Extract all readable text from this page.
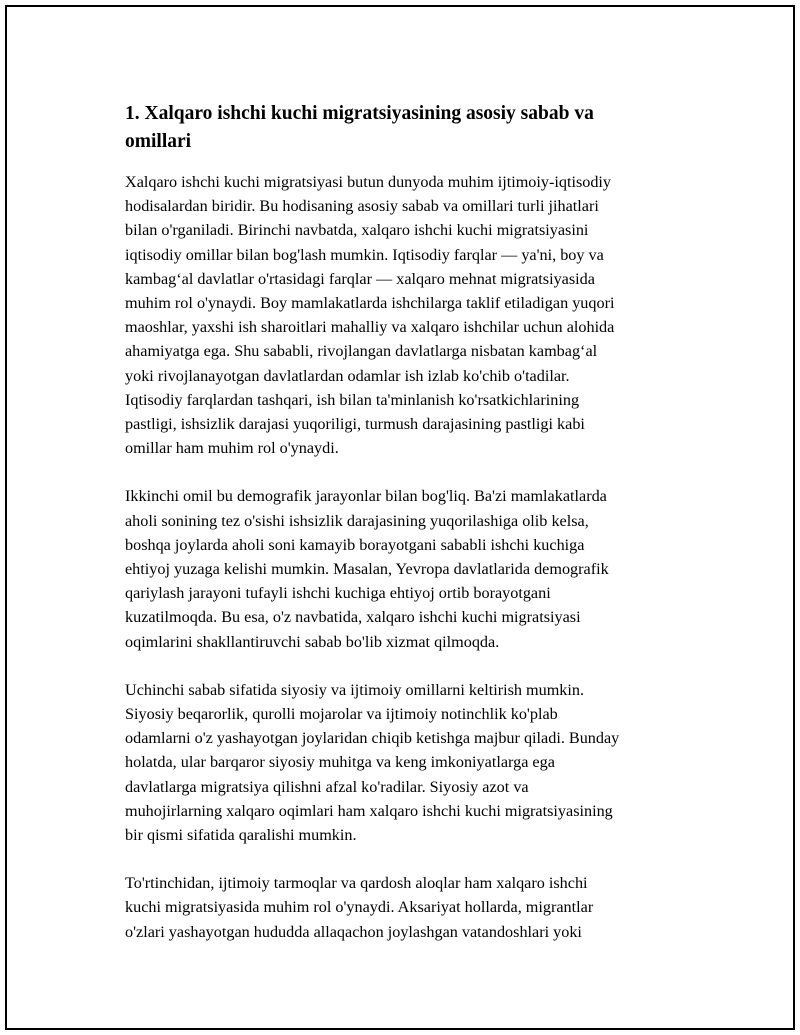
1. Xalqaro ishchi kuchi migratsiyasining asosiy sabab va
omillari

Xalqaro ishchi kuchi migratsiyasi butun dunyoda muhim ijtimoiy-iqtisodiy
hodisalardan biridir. Bu hodisaning asosiy sabab va omillari turli jihatlari
bilan o'rganiladi. Birinchi navbatda, xalqaro ishchi kuchi migratsiyasini
iqtisodiy omillar bilan bog'lash mumkin. Iqtisodiy farqlar — ya'ni, boy va
kambag‘al davlatlar o'rtasidagi farqlar — xalqaro mehnat migratsiyasida
muhim rol o'ynaydi. Boy mamlakatlarda ishchilarga taklif etiladigan yuqori
maoshlar, yaxshi ish sharoitlari mahalliy va xalqaro ishchilar uchun alohida
ahamiyatga ega. Shu sababli, rivojlangan davlatlarga nisbatan kambag‘al
yoki rivojlanayotgan davlatlardan odamlar ish izlab ko'chib o'tadilar.
Iqtisodiy farqlardan tashqari, ish bilan ta'minlanish ko'rsatkichlarining
pastligi, ishsizlik darajasi yuqoriligi, turmush darajasining pastligi kabi
omillar ham muhim rol o'ynaydi.

Ikkinchi omil bu demografik jarayonlar bilan bog'liq. Ba'zi mamlakatlarda
aholi sonining tez o'sishi ishsizlik darajasining yuqorilashiga olib kelsa,
boshqa joylarda aholi soni kamayib borayotgani sababli ishchi kuchiga
ehtiyoj yuzaga kelishi mumkin. Masalan, Yevropa davlatlarida demografik
qariylash jarayoni tufayli ishchi kuchiga ehtiyoj ortib borayotgani
kuzatilmoqda. Bu esa, o'z navbatida, xalqaro ishchi kuchi migratsiyasi
oqimlarini shakllantiruvchi sabab bo'lib xizmat qilmoqda.

Uchinchi sabab sifatida siyosiy va ijtimoiy omillarni keltirish mumkin.
Siyosiy beqarorlik, qurolli mojarolar va ijtimoiy notinchlik ko'plab
odamlarni o'z yashayotgan joylaridan chiqib ketishga majbur qiladi. Bunday
holatda, ular barqaror siyosiy muhitga va keng imkoniyatlarga ega
davlatlarga migratsiya qilishni afzal ko'radilar. Siyosiy azot va
muhojirlarning xalqaro oqimlari ham xalqaro ishchi kuchi migratsiyasining
bir qismi sifatida qaralishi mumkin.

To'rtinchidan, ijtimoiy tarmoqlar va qardosh aloqlar ham xalqaro ishchi
kuchi migratsiyasida muhim rol o'ynaydi. Aksariyat hollarda, migrantlar
o'zlari yashayotgan hududda allaqachon joylashgan vatandoshlari yoki
